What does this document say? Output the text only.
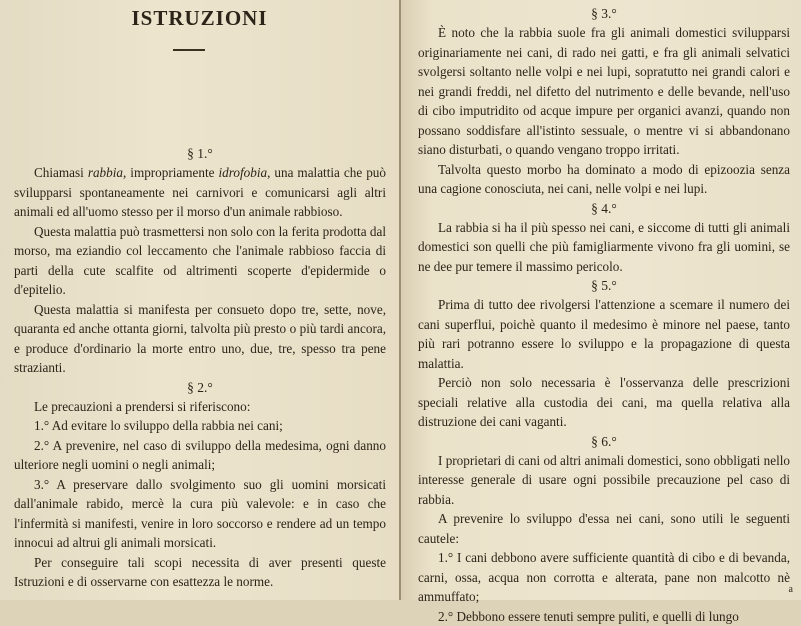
ISTRUZIONI

§ 1.°

Chiamasi rabbia, impropriamente idrofobia, una malattia che può svilupparsi spontaneamente nei carnivori e comunicarsi agli altri animali ed all'uomo stesso per il morso d'un animale rabbioso.

Questa malattia può trasmettersi non solo con la ferita prodotta dal morso, ma eziandio col leccamento che l'animale rabbioso faccia di parti della cute scalfite od altrimenti scoperte d'epidermide o d'epitelio.

Questa malattia si manifesta per consueto dopo tre, sette, nove, quaranta ed anche ottanta giorni, talvolta più presto o più tardi ancora, e produce d'ordinario la morte entro uno, due, tre, spesso tra pene strazianti.

§ 2.°

Le precauzioni a prendersi si riferiscono:

1.° Ad evitare lo sviluppo della rabbia nei cani;

2.° A prevenire, nel caso di sviluppo della medesima, ogni danno ulteriore negli uomini o negli animali;

3.° A preservare dallo svolgimento suo gli uomini morsicati dall'animale rabido, mercè la cura più valevole: e in caso che l'infermità si manifesti, venire in loro soccorso e rendere ad un tempo innocui ad altrui gli animali morsicati.

Per conseguire tali scopi necessita di aver presenti queste Istruzioni e di osservarne con esattezza le norme.

§ 3.°

È noto che la rabbia suole fra gli animali domestici svilupparsi originariamente nei cani, di rado nei gatti, e fra gli animali selvatici svolgersi soltanto nelle volpi e nei lupi, sopratutto nei grandi calori e nei grandi freddi, nel difetto del nutrimento e delle bevande, nell'uso di cibo imputridito od acque impure per organici avanzi, quando non possano soddisfare all'istinto sessuale, o mentre vi si abbandonano siano disturbati, o quando vengano troppo irritati.

Talvolta questo morbo ha dominato a modo di epizoozia senza una cagione conosciuta, nei cani, nelle volpi e nei lupi.

§ 4.°

La rabbia si ha il più spesso nei cani, e siccome di tutti gli animali domestici son quelli che più famigliarmente vivono fra gli uomini, se ne dee pur temere il massimo pericolo.

§ 5.°

Prima di tutto dee rivolgersi l'attenzione a scemare il numero dei cani superflui, poichè quanto il medesimo è minore nel paese, tanto più rari potranno essere lo sviluppo e la propagazione di questa malattia.

Perciò non solo necessaria è l'osservanza delle prescrizioni speciali relative alla custodia dei cani, ma quella relativa alla distruzione dei cani vaganti.

§ 6.°

I proprietari di cani od altri animali domestici, sono obbligati nello interesse generale di usare ogni possibile precauzione pel caso di rabbia.

A prevenire lo sviluppo d'essa nei cani, sono utili le seguenti cautele:

1.° I cani debbono avere sufficiente quantità di cibo e di bevanda, carni, ossa, acqua non corrotta e alterata, pane non malcotto nè ammuffato;

2.° Debbono essere tenuti sempre puliti, e quelli di lungo

a
